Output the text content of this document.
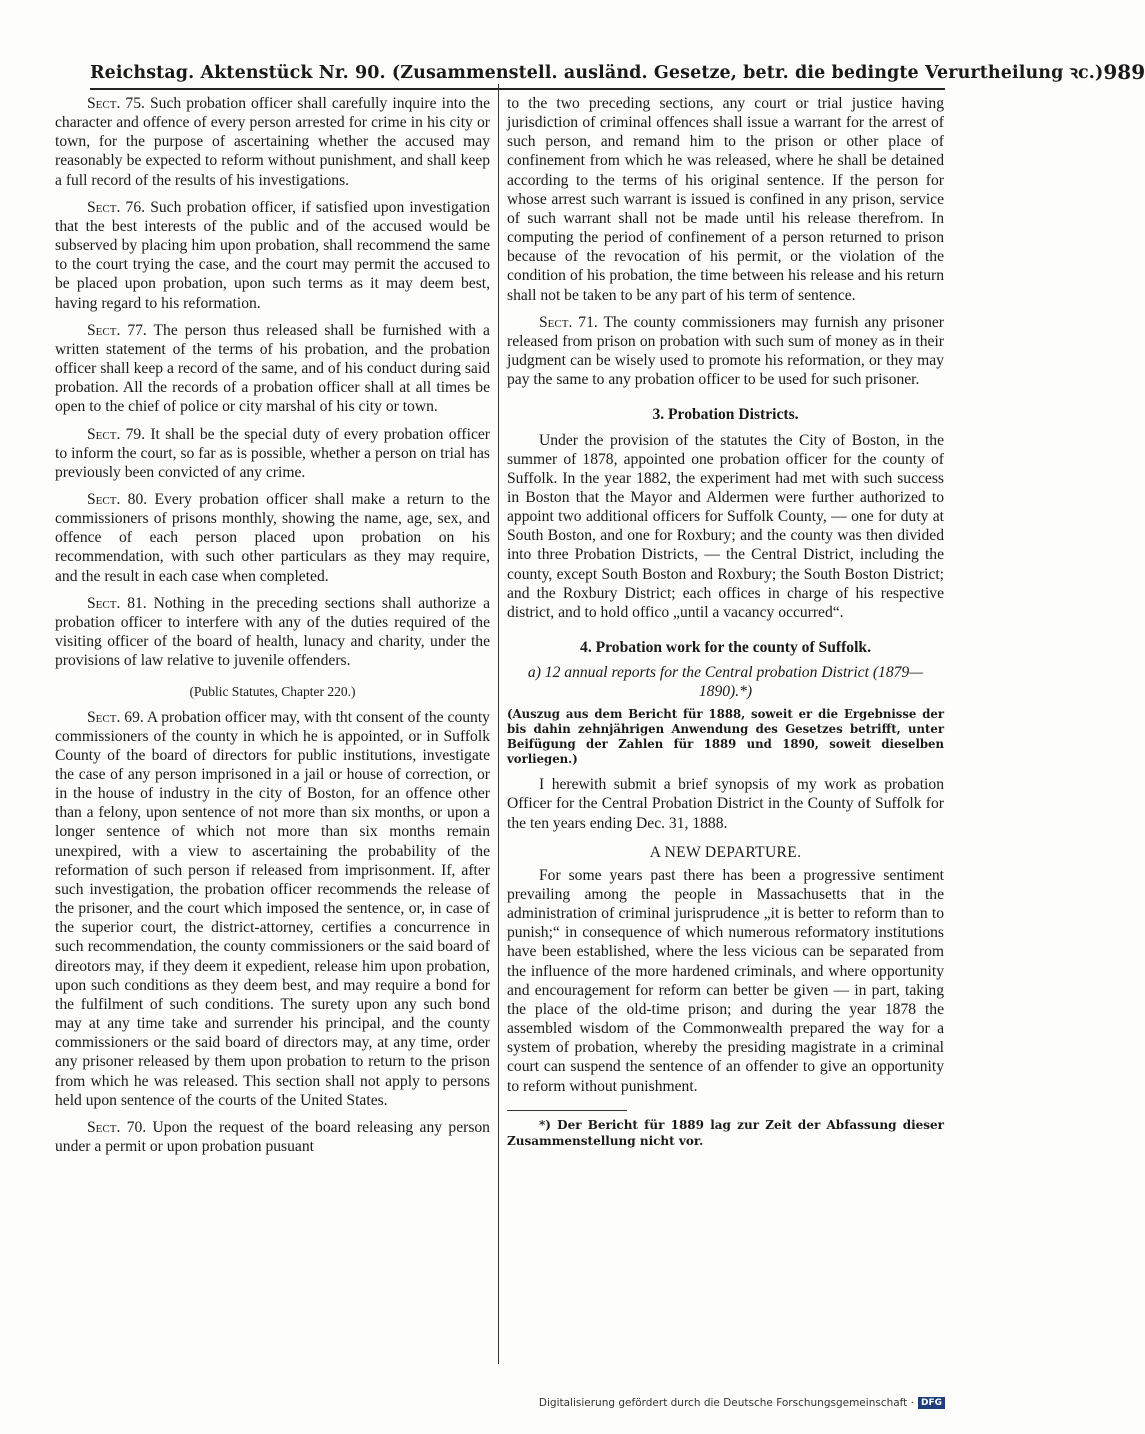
Reichstag. Aktenstück Nr. 90. (Zusammenstell. ausländ. Gesetze, betr. die bedingte Verurtheilung ꝛc.) 989

Sect. 75. Such probation officer shall carefully inquire into the character and offence of every person arrested for crime in his city or town, for the purpose of ascertaining whether the accused may reasonably be expected to reform without punishment, and shall keep a full record of the results of his investigations.

Sect. 76. Such probation officer, if satisfied upon investigation that the best interests of the public and of the accused would be subserved by placing him upon probation, shall recommend the same to the court trying the case, and the court may permit the accused to be placed upon probation, upon such terms as it may deem best, having regard to his reformation.

Sect. 77. The person thus released shall be furnished with a written statement of the terms of his probation, and the probation officer shall keep a record of the same, and of his conduct during said probation. All the records of a probation officer shall at all times be open to the chief of police or city marshal of his city or town.

Sect. 79. It shall be the special duty of every probation officer to inform the court, so far as is possible, whether a person on trial has previously been convicted of any crime.

Sect. 80. Every probation officer shall make a return to the commissioners of prisons monthly, showing the name, age, sex, and offence of each person placed upon probation on his recommendation, with such other particulars as they may require, and the result in each case when completed.

Sect. 81. Nothing in the preceding sections shall authorize a probation officer to interfere with any of the duties required of the visiting officer of the board of health, lunacy and charity, under the provisions of law relative to juvenile offenders.

(Public Statutes, Chapter 220.)

Sect. 69. A probation officer may, with tht consent of the county commissioners of the county in which he is appointed, or in Suffolk County of the board of directors for public institutions, investigate the case of any person imprisoned in a jail or house of correction, or in the house of industry in the city of Boston, for an offence other than a felony, upon sentence of not more than six months, or upon a longer sentence of which not more than six months remain unexpired, with a view to ascertaining the probability of the reformation of such person if released from imprisonment. If, after such investigation, the probation officer recommends the release of the prisoner, and the court which imposed the sentence, or, in case of the superior court, the district-attorney, certifies a concurrence in such recommendation, the county commissioners or the said board of direotors may, if they deem it expedient, release him upon probation, upon such conditions as they deem best, and may require a bond for the fulfilment of such conditions. The surety upon any such bond may at any time take and surrender his principal, and the county commissioners or the said board of directors may, at any time, order any prisoner released by them upon probation to return to the prison from which he was released. This section shall not apply to persons held upon sentence of the courts of the United States.

Sect. 70. Upon the request of the board releasing any person under a permit or upon probation pusuant

to the two preceding sections, any court or trial justice having jurisdiction of criminal offences shall issue a warrant for the arrest of such person, and remand him to the prison or other place of confinement from which he was released, where he shall be detained according to the terms of his original sentence. If the person for whose arrest such warrant is issued is confined in any prison, service of such warrant shall not be made until his release therefrom. In computing the period of confinement of a person returned to prison because of the revocation of his permit, or the violation of the condition of his probation, the time between his release and his return shall not be taken to be any part of his term of sentence.

Sect. 71. The county commissioners may furnish any prisoner released from prison on probation with such sum of money as in their judgment can be wisely used to promote his reformation, or they may pay the same to any probation officer to be used for such prisoner.

3. Probation Districts.

Under the provision of the statutes the City of Boston, in the summer of 1878, appointed one probation officer for the county of Suffolk. In the year 1882, the experiment had met with such success in Boston that the Mayor and Aldermen were further authorized to appoint two additional officers for Suffolk County, — one for duty at South Boston, and one for Roxbury; and the county was then divided into three Probation Districts, — the Central District, including the county, except South Boston and Roxbury; the South Boston District; and the Roxbury District; each offices in charge of his respective district, and to hold offico „until a vacancy occurred“.

4. Probation work for the county of Suffolk.
a) 12 annual reports for the Central probation District (1879—1890).*)
(Auszug aus dem Bericht für 1888, soweit er die Ergebnisse der bis dahin zehnjährigen Anwendung des Gesetzes betrifft, unter Beifügung der Zahlen für 1889 und 1890, soweit dieselben vorliegen.)

I herewith submit a brief synopsis of my work as probation Officer for the Central Probation District in the County of Suffolk for the ten years ending Dec. 31, 1888.

A NEW DEPARTURE.

For some years past there has been a progressive sentiment prevailing among the people in Massachusetts that in the administration of criminal jurisprudence „it is better to reform than to punish;“ in consequence of which numerous reformatory institutions have been established, where the less vicious can be separated from the influence of the more hardened criminals, and where opportunity and encouragement for reform can better be given — in part, taking the place of the old-time prison; and during the year 1878 the assembled wisdom of the Commonwealth prepared the way for a system of probation, whereby the presiding magistrate in a criminal court can suspend the sentence of an offender to give an opportunity to reform without punishment.

*) Der Bericht für 1889 lag zur Zeit der Abfassung dieser Zusammenstellung nicht vor.

Digitalisierung gefördert durch die Deutsche Forschungsgemeinschaft · DFG
